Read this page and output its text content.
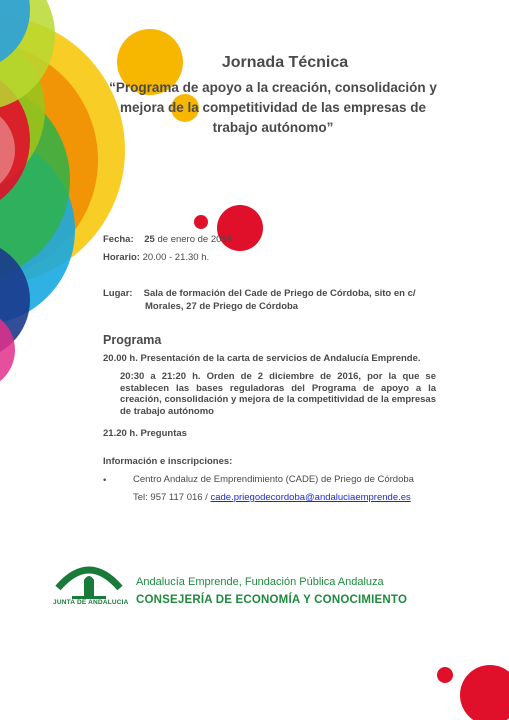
Jornada Técnica
“Programa de apoyo a la creación, consolidación y
mejora de la competitividad de las empresas de
trabajo autónomo”
Fecha: 25 de enero de 2018
Horario: 20.00 - 21.30 h.
Lugar: Sala de formación del Cade de Priego de Córdoba, sito en c/
Morales, 27 de Priego de Córdoba
Programa
20.00 h. Presentación de la carta de servicios de Andalucía Emprende.
20:30 a 21:20 h. Orden de 2 diciembre de 2016, por la que se establecen las bases reguladoras del Programa de apoyo a la creación, consolidación y mejora de la competitividad de la empresas de trabajo autónomo
21.20 h. Preguntas
Información e inscripciones:
•	Centro Andaluz de Emprendimiento (CADE) de Priego de Córdoba
Tel: 957 117 016 / cade.priegodecordoba@andaluciaemprende.es
JUNTA DE ANDALUCIA
Andalucía Emprende, Fundación Pública Andaluza
CONSEJERÍA DE ECONOMÍA Y CONOCIMIENTO
